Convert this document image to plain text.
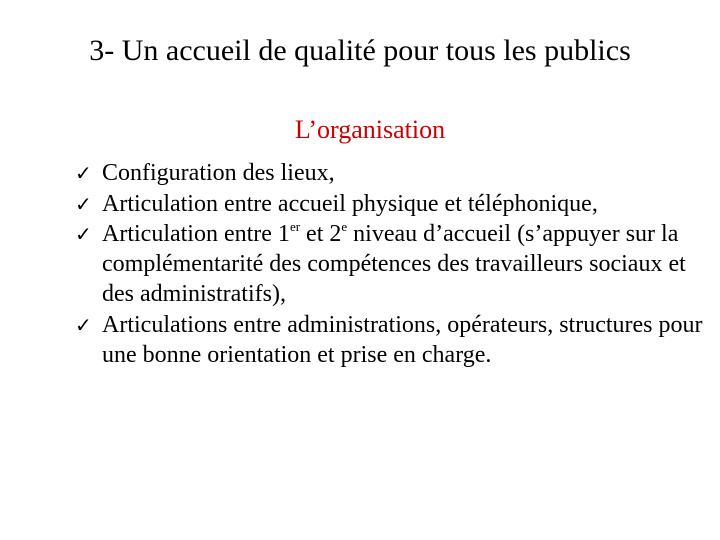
3- Un accueil de qualité pour tous les publics
L’organisation
✓ Configuration des lieux,
✓ Articulation entre accueil physique et téléphonique,
✓ Articulation entre 1er et 2e niveau d’accueil (s’appuyer sur la complémentarité des compétences des travailleurs sociaux et des administratifs),
✓ Articulations entre administrations, opérateurs, structures pour une bonne orientation et prise en charge.
